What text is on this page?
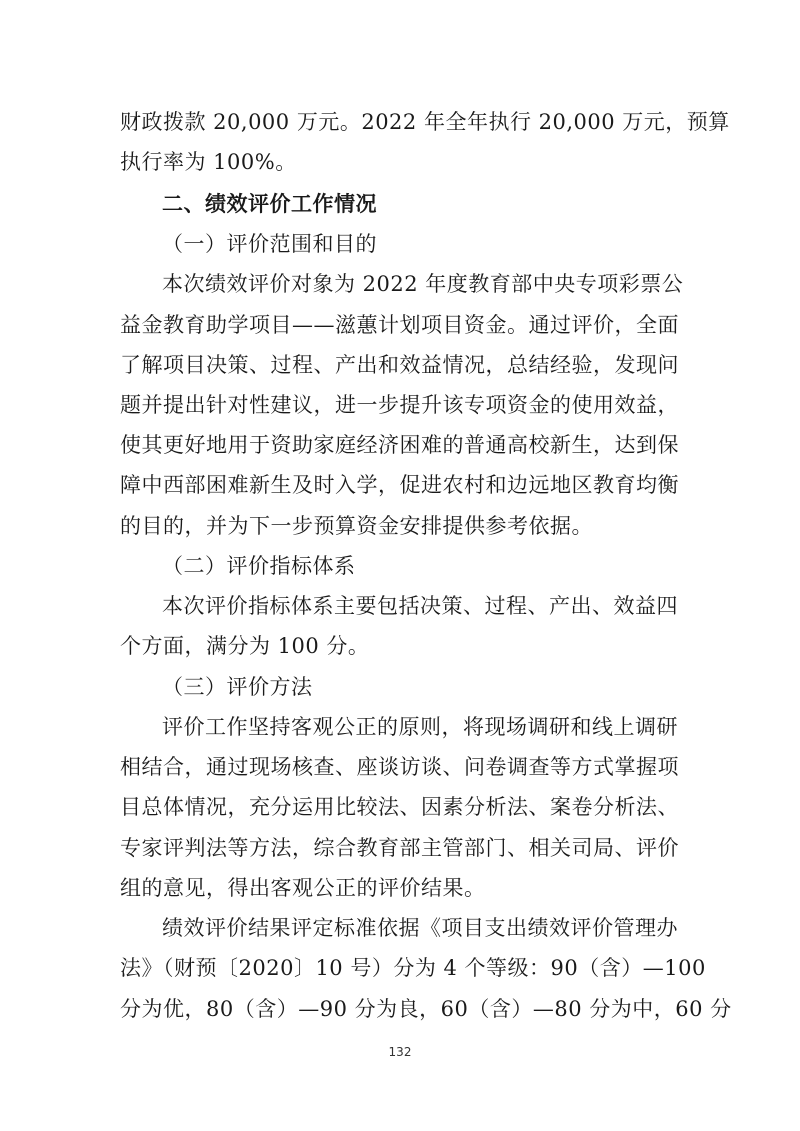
财政拨款 20,000 万元。2022 年全年执行 20,000 万元，预算
执行率为 100%。
二、绩效评价工作情况
（一）评价范围和目的
本次绩效评价对象为 2022 年度教育部中央专项彩票公
益金教育助学项目——滋蕙计划项目资金。通过评价，全面
了解项目决策、过程、产出和效益情况，总结经验，发现问
题并提出针对性建议，进一步提升该专项资金的使用效益，
使其更好地用于资助家庭经济困难的普通高校新生，达到保
障中西部困难新生及时入学，促进农村和边远地区教育均衡
的目的，并为下一步预算资金安排提供参考依据。
（二）评价指标体系
本次评价指标体系主要包括决策、过程、产出、效益四
个方面，满分为 100 分。
（三）评价方法
评价工作坚持客观公正的原则，将现场调研和线上调研
相结合，通过现场核查、座谈访谈、问卷调查等方式掌握项
目总体情况，充分运用比较法、因素分析法、案卷分析法、
专家评判法等方法，综合教育部主管部门、相关司局、评价
组的意见，得出客观公正的评价结果。
绩效评价结果评定标准依据《项目支出绩效评价管理办
法》（财预〔2020〕10 号）分为 4 个等级：90（含）—100
分为优，80（含）—90 分为良，60（含）—80 分为中，60 分
132
